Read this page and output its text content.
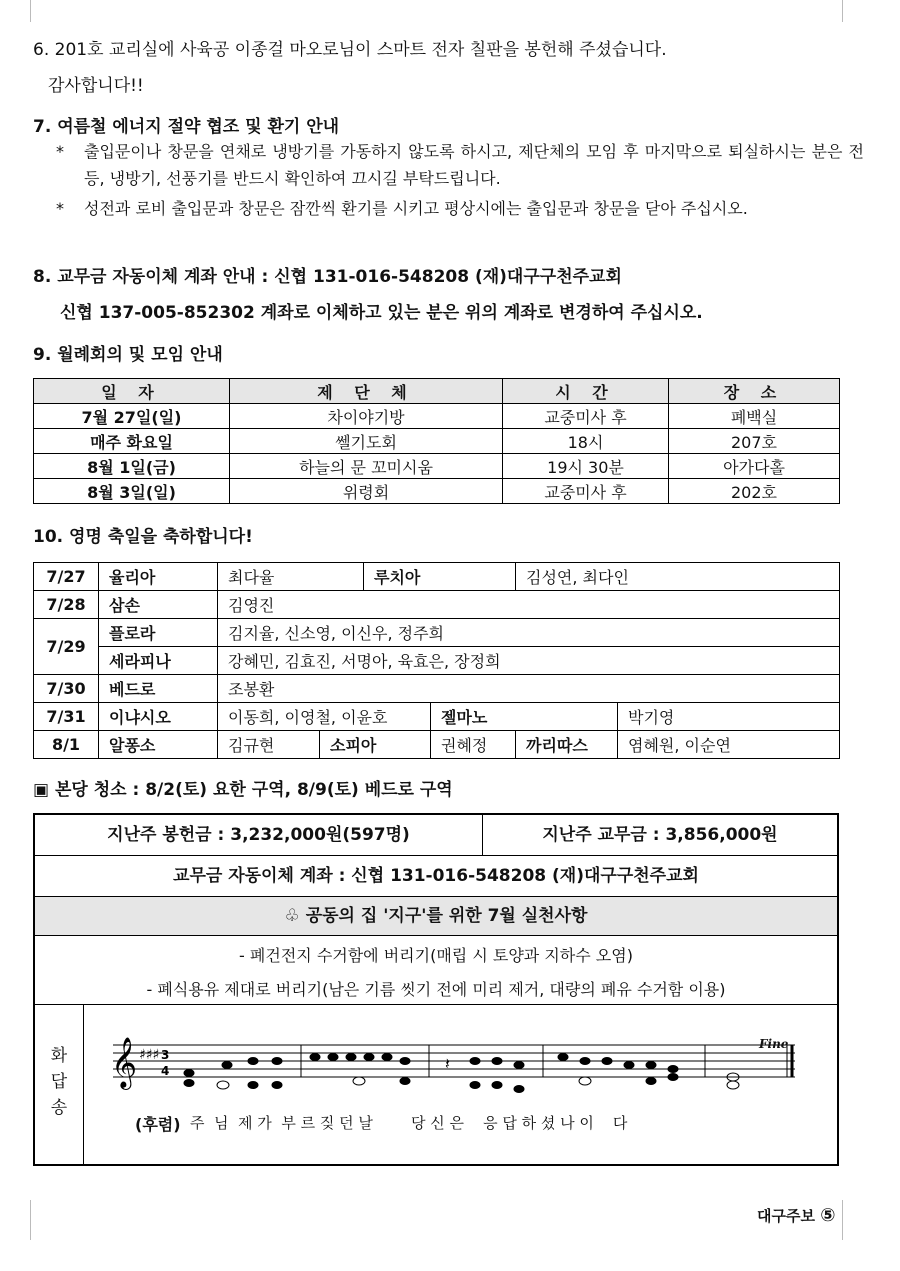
6. 201호 교리실에 사육공 이종걸 마오로님이 스마트 전자 칠판을 봉헌해 주셨습니다.
감사합니다!!
7. 여름철 에너지 절약 협조 및 환기 안내
* 출입문이나 창문을 연채로 냉방기를 가동하지 않도록 하시고, 제단체의 모임 후 마지막으로 퇴실하시는 분은 전등, 냉방기, 선풍기를 반드시 확인하여 끄시길 부탁드립니다.
* 성전과 로비 출입문과 창문은 잠깐씩 환기를 시키고 평상시에는 출입문과 창문을 닫아 주십시오.
8. 교무금 자동이체 계좌 안내 : 신협 131-016-548208 (재)대구구천주교회
신협 137-005-852302 계좌로 이체하고 있는 분은 위의 계좌로 변경하여 주십시오.
9. 월례회의 및 모임 안내
일 자	제 단 체	시 간	장 소
7월 27일(일)	차이야기방	교중미사 후	폐백실
매주 화요일	쎌기도회	18시	207호
8월 1일(금)	하늘의 문 꼬미시움	19시 30분	아가다홀
8월 3일(일)	위령회	교중미사 후	202호
10. 영명 축일을 축하합니다!
7/27	율리아	최다율		루치아		김성연, 최다인	
7/28	삼손	김영진					
7/29	플로라	김지율, 신소영, 이신우, 정주희					
	세라피나	강혜민, 김효진, 서명아, 육효은, 장정희					
7/30	베드로	조봉환					
7/31	이냐시오	이동희, 이영철, 이윤호			젤마노		박기영
8/1	알퐁소	김규현	소피아		권혜정	까리따스	염혜원, 이순연
▣ 본당 청소 : 8/2(토) 요한 구역, 8/9(토) 베드로 구역
지난주 봉헌금 : 3,232,000원(597명)	지난주 교무금 : 3,856,000원
교무금 자동이체 계좌 : 신협 131-016-548208 (재)대구구천주교회
♧ 공동의 집 '지구'를 위한 7월 실천사항
- 폐건전지 수거함에 버리기(매립 시 토양과 지하수 오염)
- 폐식용유 제대로 버리기(남은 기름 씻기 전에 미리 제거, 대량의 폐유 수거함 이용)
화
답
송
𝄞 ♯♯♯ 3
4	𝄽
Fine
(후렴) 주  님  제 가  부 르 짖 던 날        당 신 은    응 답 하 셨 나 이    다
대구주보 ⑤
